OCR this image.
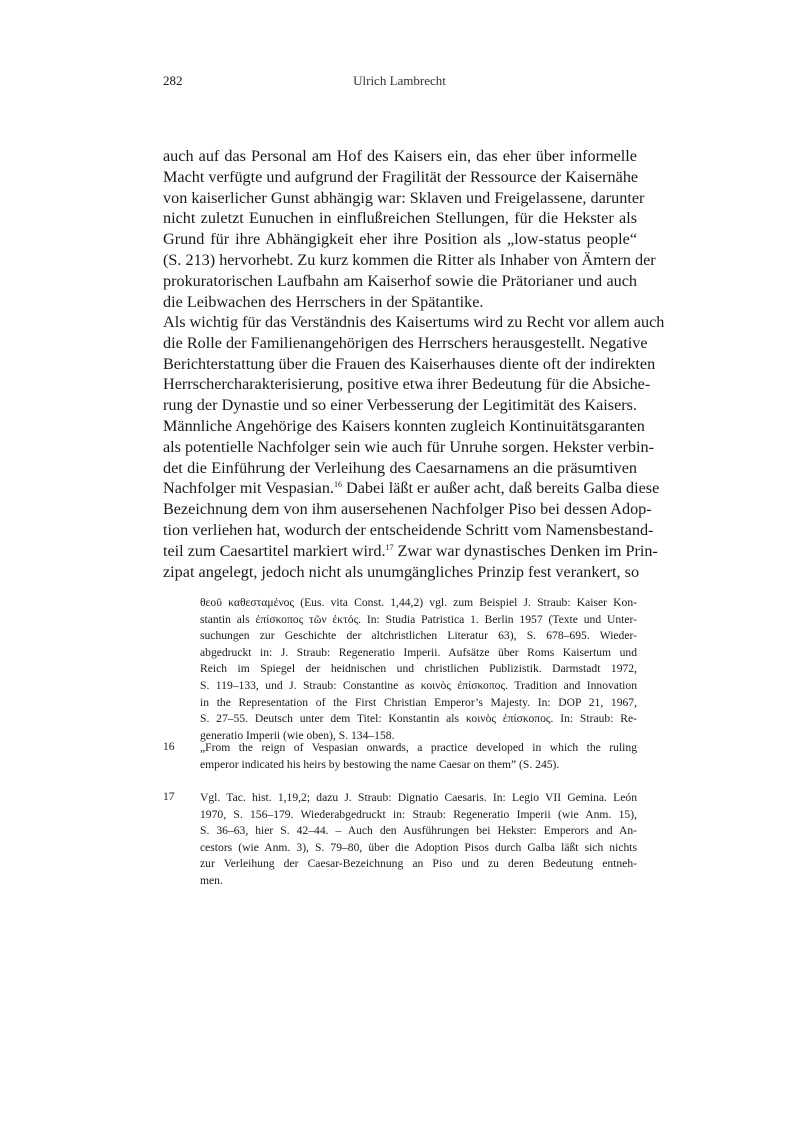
282	Ulrich Lambrecht
auch auf das Personal am Hof des Kaisers ein, das eher über informelle
Macht verfügte und aufgrund der Fragilität der Ressource der Kaisernähe
von kaiserlicher Gunst abhängig war: Sklaven und Freigelassene, darunter
nicht zuletzt Eunuchen in einflußreichen Stellungen, für die Hekster als
Grund für ihre Abhängigkeit eher ihre Position als „low-status people“
(S. 213) hervorhebt. Zu kurz kommen die Ritter als Inhaber von Ämtern der
prokuratorischen Laufbahn am Kaiserhof sowie die Prätorianer und auch
die Leibwachen des Herrschers in der Spätantike.
Als wichtig für das Verständnis des Kaisertums wird zu Recht vor allem auch
die Rolle der Familienangehörigen des Herrschers herausgestellt. Negative
Berichterstattung über die Frauen des Kaiserhauses diente oft der indirekten
Herrschercharakterisierung, positive etwa ihrer Bedeutung für die Absiche-
rung der Dynastie und so einer Verbesserung der Legitimität des Kaisers.
Männliche Angehörige des Kaisers konnten zugleich Kontinuitätsgaranten
als potentielle Nachfolger sein wie auch für Unruhe sorgen. Hekster verbin-
det die Einführung der Verleihung des Caesarnamens an die präsumtiven
Nachfolger mit Vespasian.$^{16}$ Dabei läßt er außer acht, daß bereits Galba diese
Bezeichnung dem von ihm ausersehenen Nachfolger Piso bei dessen Adop-
tion verliehen hat, wodurch der entscheidende Schritt vom Namensbestand-
teil zum Caesartitel markiert wird.$^{17}$ Zwar war dynastisches Denken im Prin-
zipat angelegt, jedoch nicht als unumgängliches Prinzip fest verankert, so
θεοῦ καθεσταμένος (Eus. vita Const. 1,44,2) vgl. zum Beispiel J. Straub: Kaiser Kon-
stantin als ἐπίσκοπος τῶν ἐκτός. In: Studia Patristica 1. Berlin 1957 (Texte und Unter-
suchungen zur Geschichte der altchristlichen Literatur 63), S. 678–695. Wieder-
abgedruckt in: J. Straub: Regeneratio Imperii. Aufsätze über Roms Kaisertum und
Reich im Spiegel der heidnischen und christlichen Publizistik. Darmstadt 1972,
S. 119–133, und J. Straub: Constantine as κοινὸς ἐπίσκοπος. Tradition and Innovation
in the Representation of the First Christian Emperor’s Majesty. In: DOP 21, 1967,
S. 27–55. Deutsch unter dem Titel: Konstantin als κοινὸς ἐπίσκοπος. In: Straub: Re-
generatio Imperii (wie oben), S. 134–158.
16 „From the reign of Vespasian onwards, a practice developed in which the ruling
emperor indicated his heirs by bestowing the name Caesar on them” (S. 245).
17 Vgl. Tac. hist. 1,19,2; dazu J. Straub: Dignatio Caesaris. In: Legio VII Gemina. León
1970, S. 156–179. Wiederabgedruckt in: Straub: Regeneratio Imperii (wie Anm. 15),
S. 36–63, hier S. 42–44. – Auch den Ausführungen bei Hekster: Emperors and An-
cestors (wie Anm. 3), S. 79–80, über die Adoption Pisos durch Galba läßt sich nichts
zur Verleihung der Caesar-Bezeichnung an Piso und zu deren Bedeutung entneh-
men.
